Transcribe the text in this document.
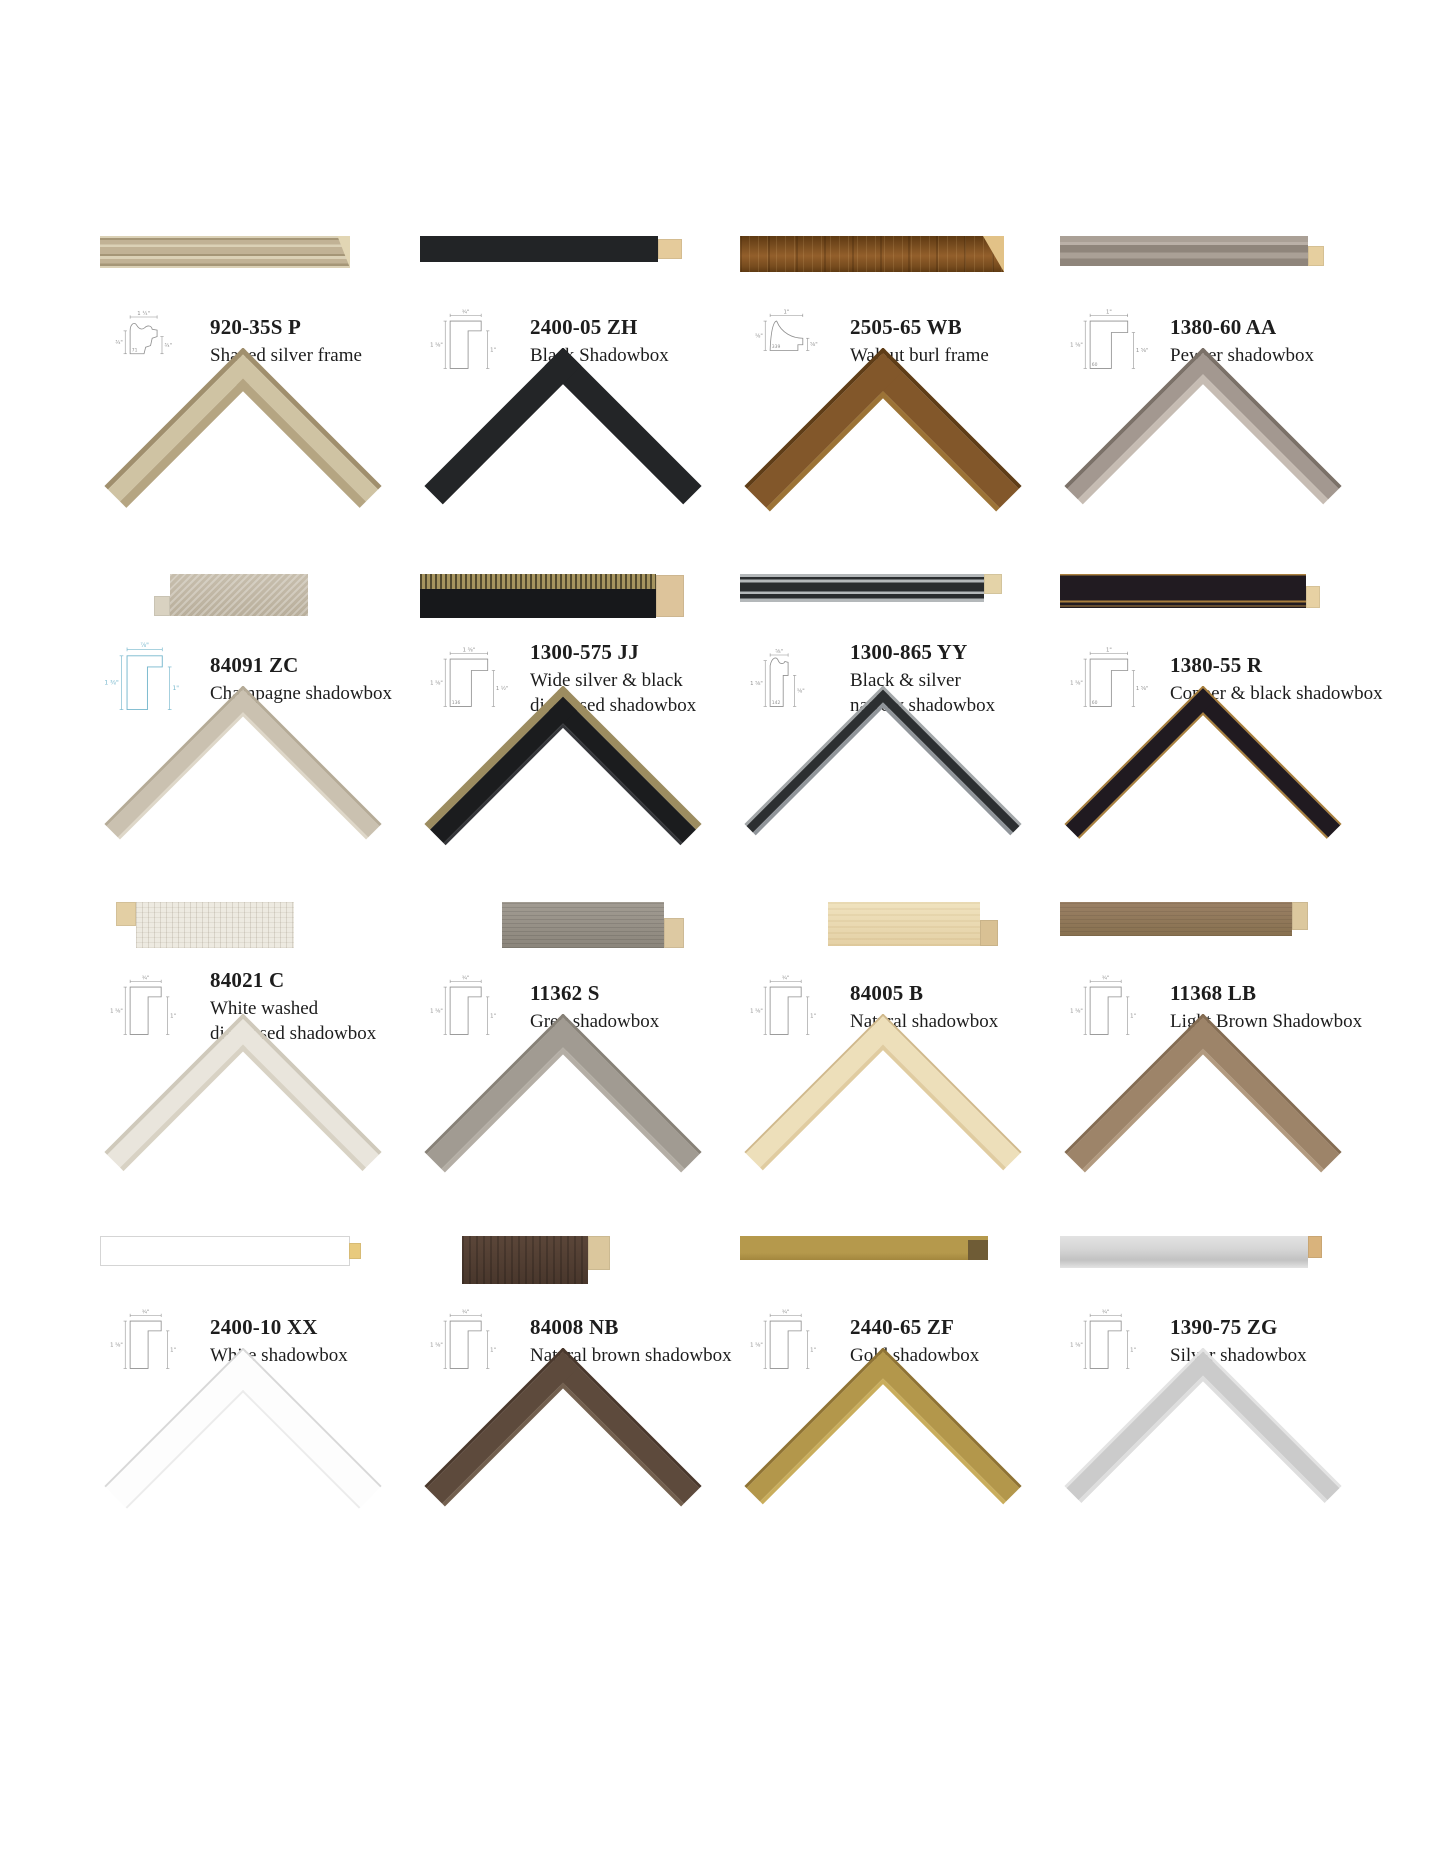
1 ¼"
¾"	¾"
71
920-35S P
Shaped silver frame
¾"
1 ⅝"
1"
2400-05 ZH
Black Shadowbox
1"
⅝"
⅝"
339
2505-65 WB
Walnut burl frame
1"
1 ⅝"
1 ⅝"
60
1380-60 AA
Pewter shadowbox
⅞"
1 ⅜"
1"
84091 ZC
Champagne shadowbox
1 ⅝"
1 ⅝"
1 ½"
136
1300-575 JJ
Wide silver & black
distressed shadowbox
⅝"
1 ⅝"
⅝"
142
1300-865 YY
Black & silver
narrow shadowbox
1"
1 ⅝"
1 ⅝"
60
1380-55 R
Copper & black shadowbox
¾"
1 ⅝"
1"
84021 C
White washed
distressed shadowbox
¾"
1 ⅝"
1"
11362 S
Grey shadowbox
¾"
1 ⅝"
1"
84005 B
Natural shadowbox
¾"
1 ⅝"
1"
11368 LB
Light Brown Shadowbox
¾"
1 ⅝"
1"
2400-10 XX
White shadowbox
¾"
1 ⅝"
1"
84008 NB
Natural brown shadowbox
¾"
1 ⅝"
1"
2440-65 ZF
Gold shadowbox
¾"
1 ⅝"
1"
1390-75 ZG
Silver shadowbox
